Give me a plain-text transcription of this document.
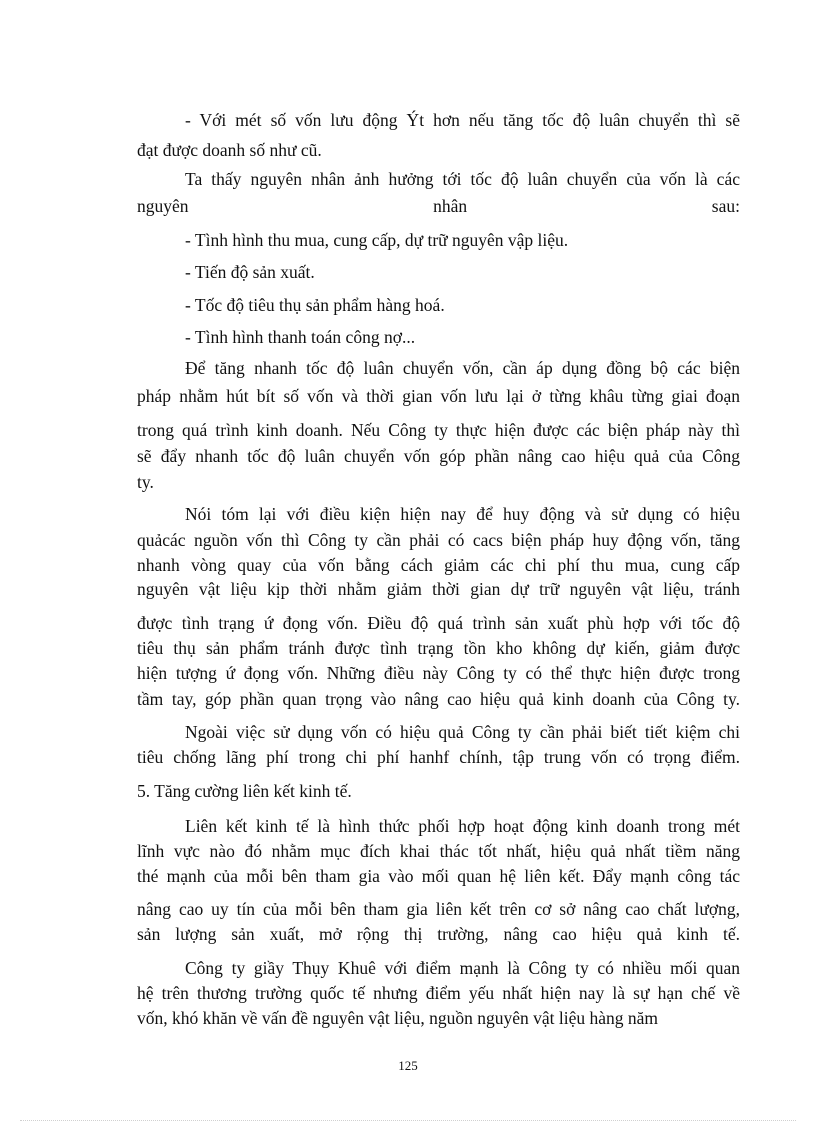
- Với mét số vốn lưu động Ýt hơn nếu tăng tốc độ luân chuyển thì sẽ
đạt được doanh số như cũ.
Ta thấy nguyên nhân ảnh hưởng tới tốc độ luân chuyển của vốn là các
nguyên nhân sau:
- Tình hình thu mua, cung cấp, dự trữ nguyên vập liệu.
- Tiến độ sản xuất.
- Tốc độ tiêu thụ sản phẩm hàng hoá.
- Tình hình thanh toán công nợ...
Để tăng nhanh tốc độ luân chuyển vốn, cần áp dụng đồng bộ các biện
pháp nhằm hút bít số vốn và thời gian vốn lưu lại ở từng khâu từng giai đoạn
trong quá trình kinh doanh. Nếu Công ty thực hiện được các biện pháp này thì
sẽ đẩy nhanh tốc độ luân chuyển vốn góp phần nâng cao hiệu quả của Công
ty.
Nói tóm lại với điều kiện hiện nay để huy động và sử dụng có hiệu
quảcác nguồn vốn thì Công ty cần phải có cacs biện pháp huy động vốn, tăng
nhanh vòng quay của vốn bằng cách giảm các chi phí thu mua, cung cấp
nguyên vật liệu kịp thời nhằm giảm thời gian dự trữ nguyên vật liệu, tránh
được tình trạng ứ đọng vốn. Điều độ quá trình sản xuất phù hợp với tốc độ
tiêu thụ sản phẩm tránh được tình trạng tồn kho không dự kiến, giảm được
hiện tượng ứ đọng vốn. Những điều này Công ty có thể thực hiện được trong
tầm tay, góp phần quan trọng vào nâng cao hiệu quả kinh doanh của Công ty.
Ngoài việc sử dụng vốn có hiệu quả Công ty cần phải biết tiết kiệm chi
tiêu chống lãng phí trong chi phí hanhf chính, tập trung vốn có trọng điểm.
5. Tăng cường liên kết kinh tế.
Liên kết kinh tế là hình thức phối hợp hoạt động kinh doanh trong mét
lĩnh vực nào đó nhằm mục đích khai thác tốt nhất, hiệu quả nhất tiềm năng
thé mạnh của mỗi bên tham gia vào mối quan hệ liên kết. Đẩy mạnh công tác
nâng cao uy tín của mỗi bên tham gia liên kết trên cơ sở nâng cao chất lượng,
sản lượng sản xuất, mở rộng thị trường, nâng cao hiệu quả kinh tế.
Công ty giầy Thụy Khuê với điểm mạnh là Công ty có nhiều mối quan
hệ trên thương trường quốc tế nhưng điểm yếu nhất hiện nay là sự hạn chế về
vốn, khó khăn về vấn đề nguyên vật liệu, nguồn nguyên vật liệu hàng năm
125
